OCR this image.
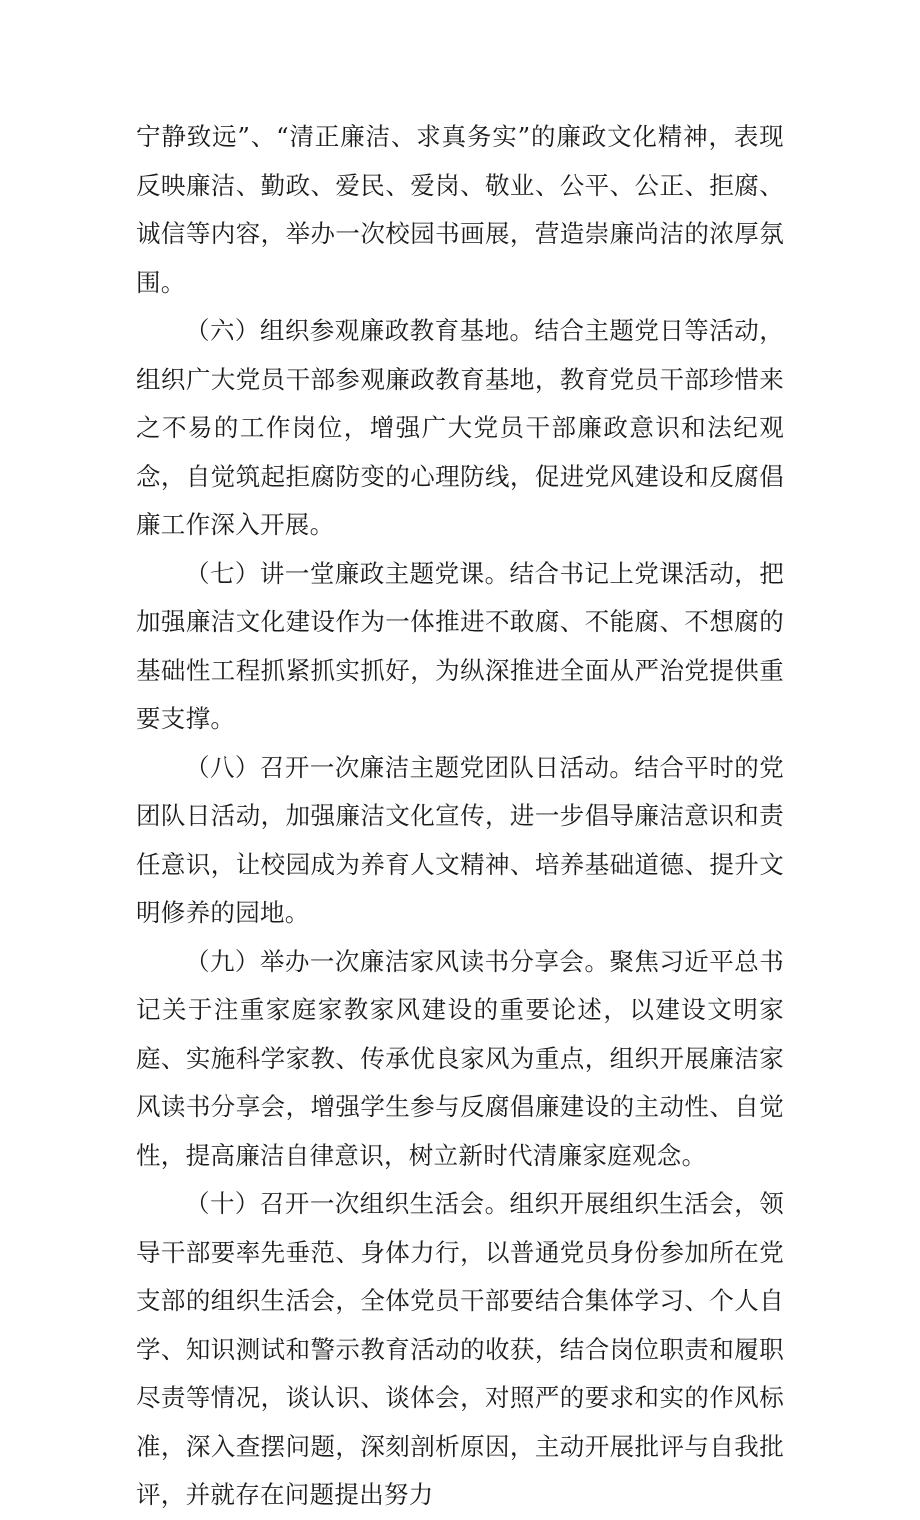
宁静致远”、“清正廉洁、求真务实”的廉政文化精神，表现反映廉洁、勤政、爱民、爱岗、敬业、公平、公正、拒腐、诚信等内容，举办一次校园书画展，营造崇廉尚洁的浓厚氛围。

（六）组织参观廉政教育基地。结合主题党日等活动，组织广大党员干部参观廉政教育基地，教育党员干部珍惜来之不易的工作岗位，增强广大党员干部廉政意识和法纪观念，自觉筑起拒腐防变的心理防线，促进党风建设和反腐倡廉工作深入开展。

（七）讲一堂廉政主题党课。结合书记上党课活动，把加强廉洁文化建设作为一体推进不敢腐、不能腐、不想腐的基础性工程抓紧抓实抓好，为纵深推进全面从严治党提供重要支撑。

（八）召开一次廉洁主题党团队日活动。结合平时的党团队日活动，加强廉洁文化宣传，进一步倡导廉洁意识和责任意识，让校园成为养育人文精神、培养基础道德、提升文明修养的园地。

（九）举办一次廉洁家风读书分享会。聚焦习近平总书记关于注重家庭家教家风建设的重要论述，以建设文明家庭、实施科学家教、传承优良家风为重点，组织开展廉洁家风读书分享会，增强学生参与反腐倡廉建设的主动性、自觉性，提高廉洁自律意识，树立新时代清廉家庭观念。

（十）召开一次组织生活会。组织开展组织生活会，领导干部要率先垂范、身体力行，以普通党员身份参加所在党支部的组织生活会，全体党员干部要结合集体学习、个人自学、知识测试和警示教育活动的收获，结合岗位职责和履职尽责等情况，谈认识、谈体会，对照严的要求和实的作风标准，深入查摆问题，深刻剖析原因，主动开展批评与自我批评，并就存在问题提出努力
